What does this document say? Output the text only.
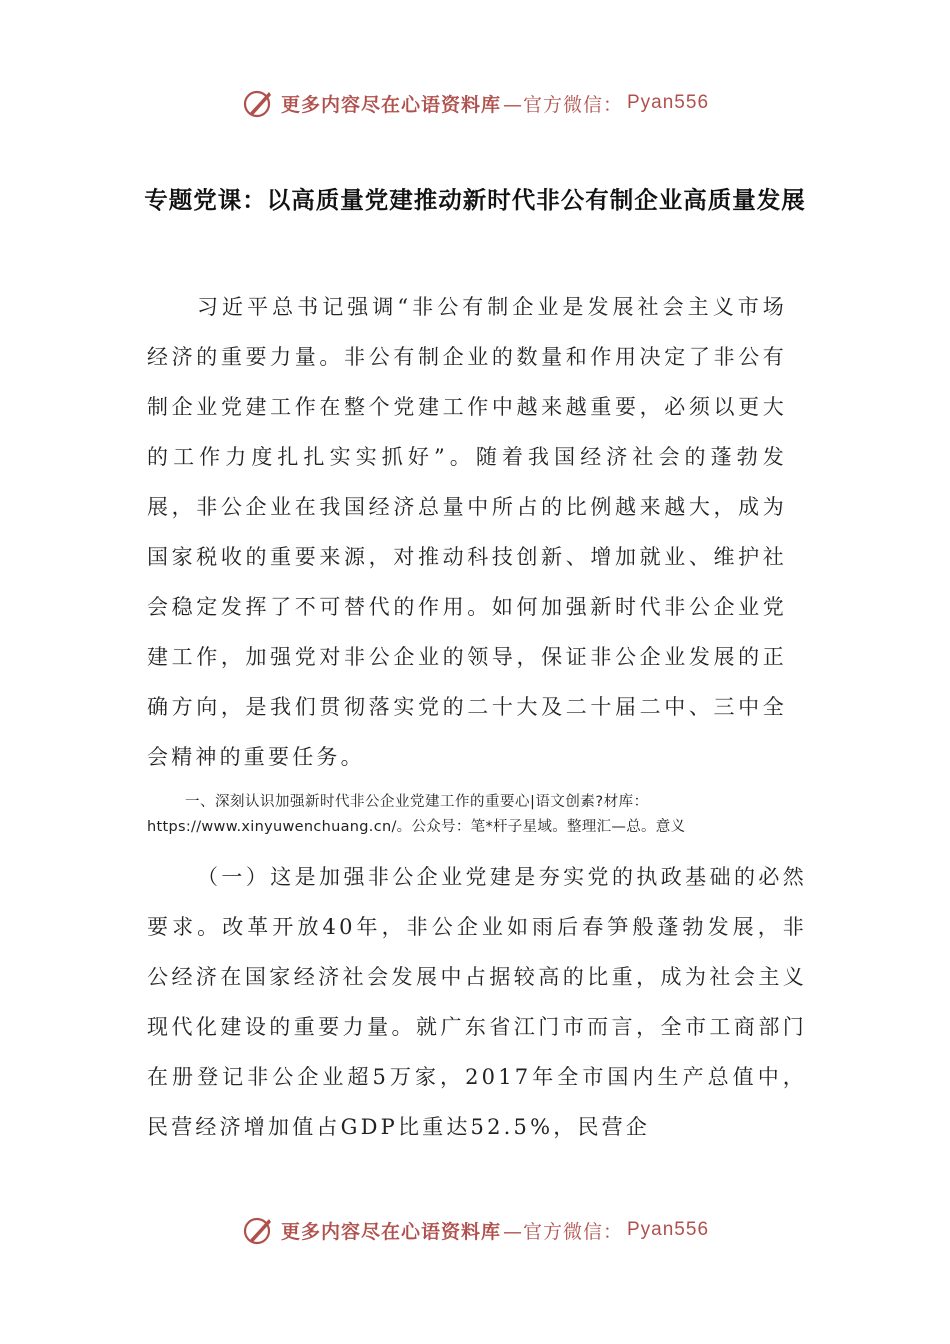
更多内容尽在心语资料库 —官方微信： Pyan556
专题党课：以高质量党建推动新时代非公有制企业高质量发展
习近平总书记强调“非公有制企业是发展社会主义市场经济的重要力量。非公有制企业的数量和作用决定了非公有制企业党建工作在整个党建工作中越来越重要，必须以更大的工作力度扎扎实实抓好”。随着我国经济社会的蓬勃发展，非公企业在我国经济总量中所占的比例越来越大，成为国家税收的重要来源，对推动科技创新、增加就业、维护社会稳定发挥了不可替代的作用。如何加强新时代非公企业党建工作，加强党对非公企业的领导，保证非公企业发展的正确方向，是我们贯彻落实党的二十大及二十届二中、三中全会精神的重要任务。
一、深刻认识加强新时代非公企业党建工作的重要心|语文创素?材库：
https://www.xinyuwenchuang.cn/。公众号：笔*杆子星域。整理汇—总。意义
（一）这是加强非公企业党建是夯实党的执政基础的必然要求。改革开放40年，非公企业如雨后春笋般蓬勃发展，非公经济在国家经济社会发展中占据较高的比重，成为社会主义现代化建设的重要力量。就广东省江门市而言，全市工商部门在册登记非公企业超5万家，2017年全市国内生产总值中，民营经济增加值占GDP比重达52.5%，民营企
更多内容尽在心语资料库 —官方微信： Pyan556
